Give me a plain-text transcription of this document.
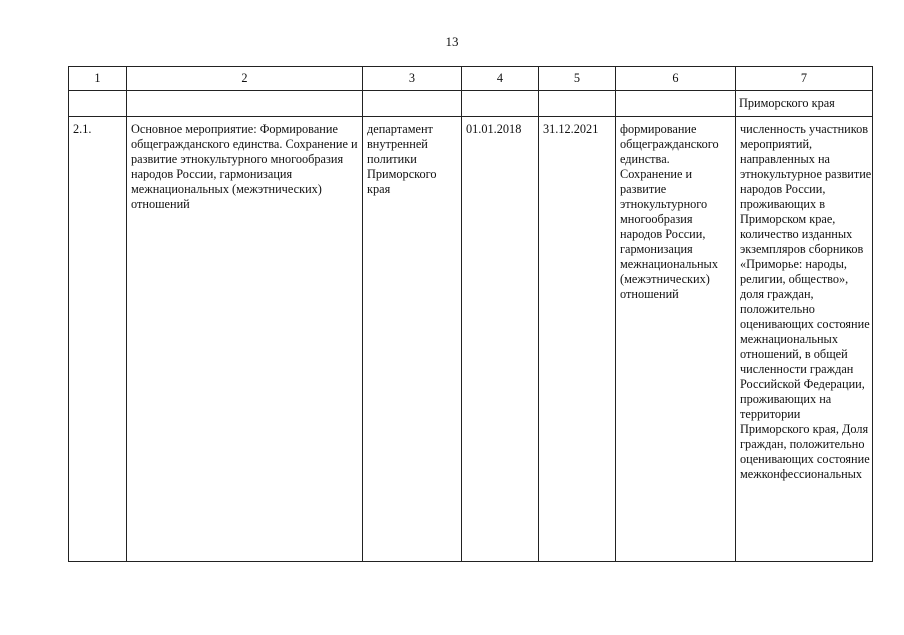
13
1	2	3	4	5	6	7

						Приморского края

2.1.	Основное мероприятие: Формирование общегражданского единства. Сохранение и развитие этнокультурного многообразия народов России, гармонизация межнациональных (межэтнических) отношений	департамент внутренней политики Приморского края	01.01.2018	31.12.2021	формирование общегражданского единства. Сохранение и развитие этнокультурного многообразия народов России, гармонизация межнациональных (межэтнических) отношений	численность участников мероприятий, направленных на этнокультурное развитие народов России, проживающих в Приморском крае, количество изданных экземпляров сборников «Приморье: народы, религии, общество», доля граждан, положительно оценивающих состояние межнациональных отношений, в общей численности граждан Российской Федерации, проживающих на территории Приморского края, Доля граждан, положительно оценивающих состояние межконфессиональных
